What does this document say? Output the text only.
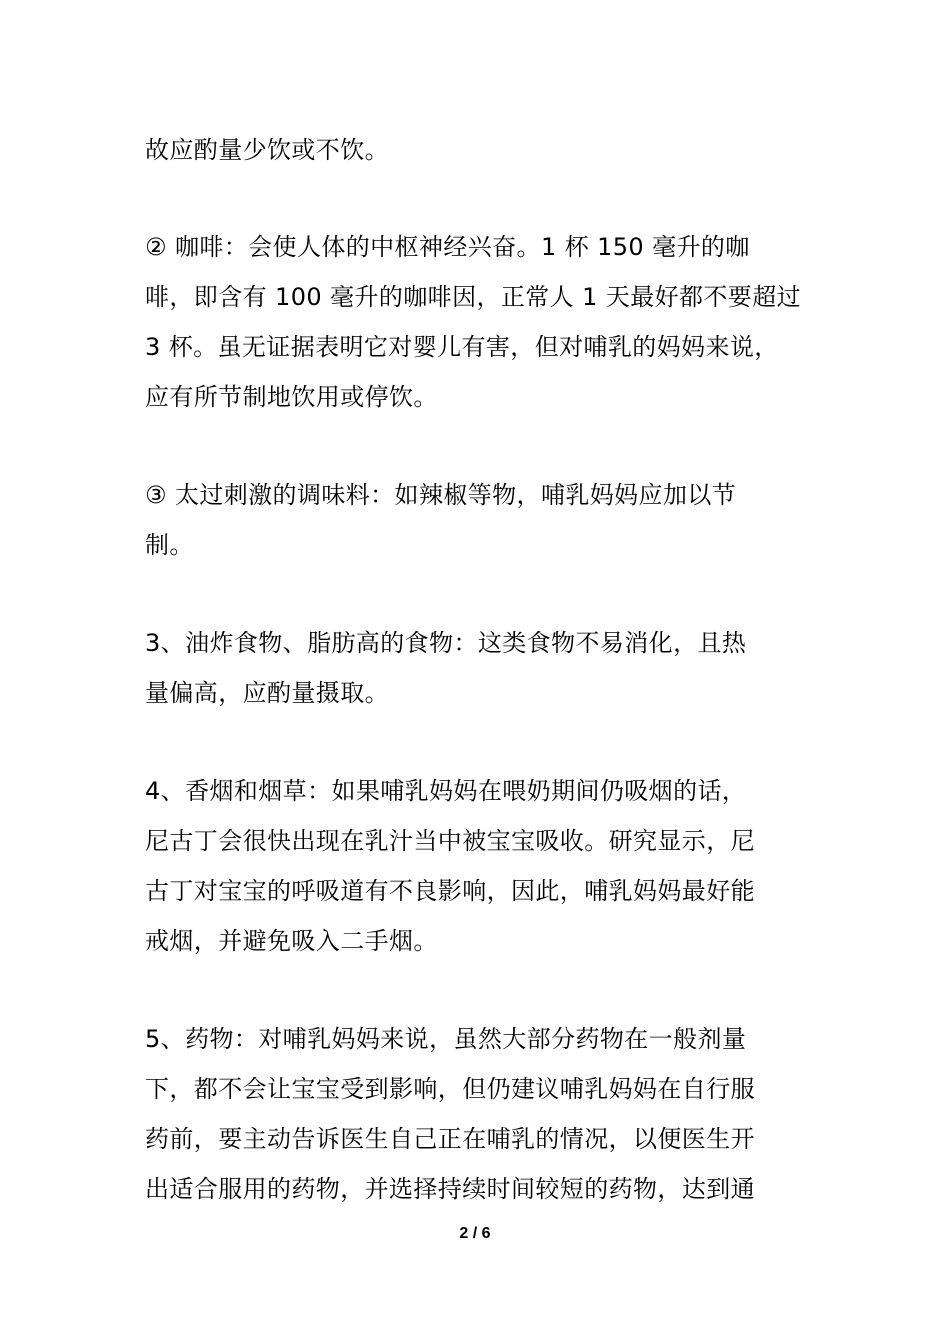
故应酌量少饮或不饮。
② 咖啡：会使人体的中枢神经兴奋。1 杯 150 毫升的咖
啡，即含有 100 毫升的咖啡因，正常人 1 天最好都不要超过
3 杯。虽无证据表明它对婴儿有害，但对哺乳的妈妈来说，
应有所节制地饮用或停饮。
③ 太过刺激的调味料：如辣椒等物，哺乳妈妈应加以节
制。
3、油炸食物、脂肪高的食物：这类食物不易消化，且热
量偏高，应酌量摄取。
4、香烟和烟草：如果哺乳妈妈在喂奶期间仍吸烟的话，
尼古丁会很快出现在乳汁当中被宝宝吸收。研究显示，尼
古丁对宝宝的呼吸道有不良影响，因此，哺乳妈妈最好能
戒烟，并避免吸入二手烟。
5、药物：对哺乳妈妈来说，虽然大部分药物在一般剂量
下，都不会让宝宝受到影响，但仍建议哺乳妈妈在自行服
药前，要主动告诉医生自己正在哺乳的情况，以便医生开
出适合服用的药物，并选择持续时间较短的药物，达到通
2 / 6
